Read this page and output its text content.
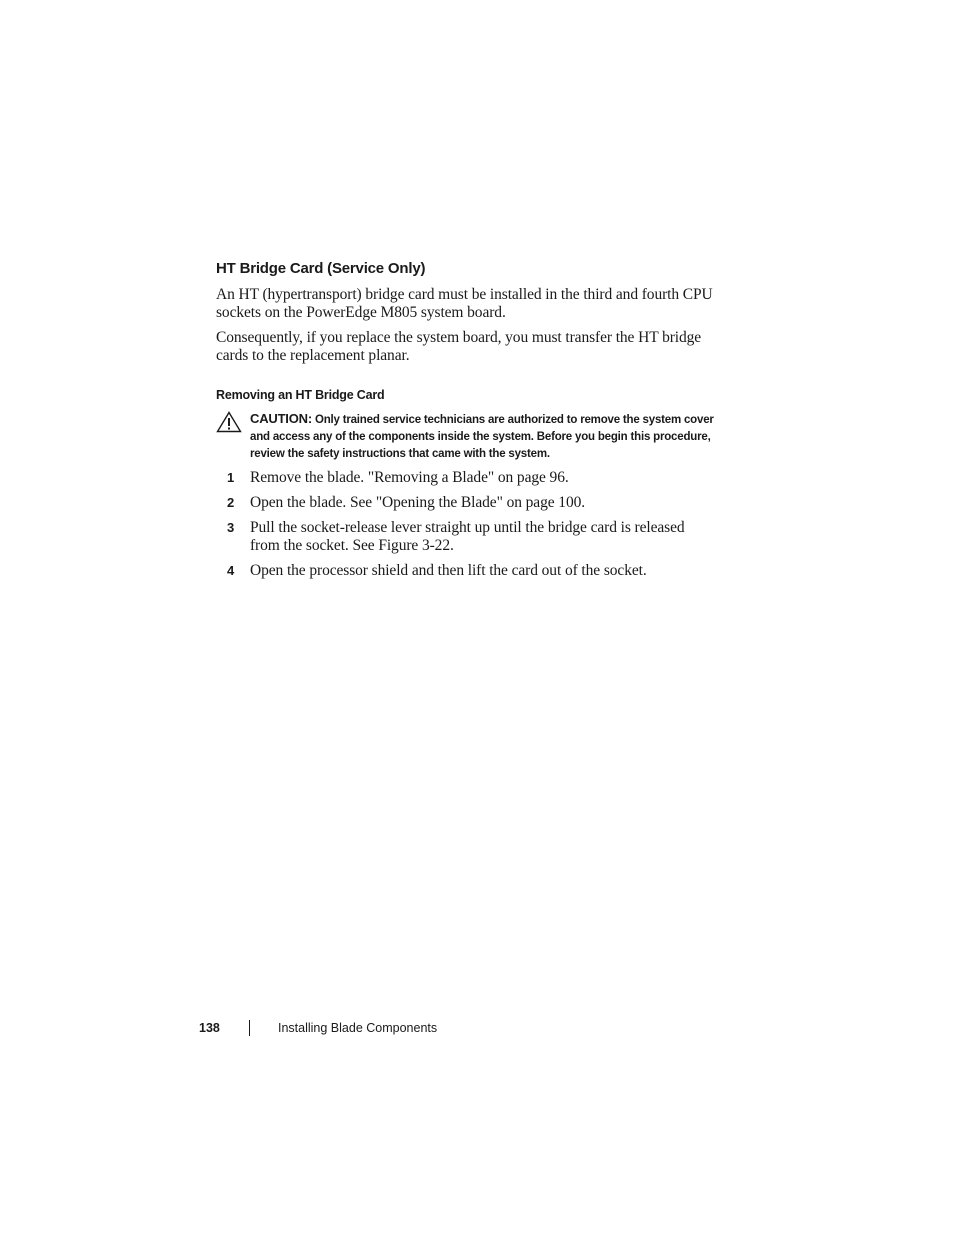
HT Bridge Card (Service Only)

An HT (hypertransport) bridge card must be installed in the third and fourth CPU sockets on the PowerEdge M805 system board.

Consequently, if you replace the system board, you must transfer the HT bridge cards to the replacement planar.

Removing an HT Bridge Card
CAUTION: Only trained service technicians are authorized to remove the system cover and access any of the components inside the system. Before you begin this procedure, review the safety instructions that came with the system.
1 Remove the blade. "Removing a Blade" on page 96.
2 Open the blade. See "Opening the Blade" on page 100.
3 Pull the socket-release lever straight up until the bridge card is released from the socket. See Figure 3-22.
4 Open the processor shield and then lift the card out of the socket.
138	Installing Blade Components
